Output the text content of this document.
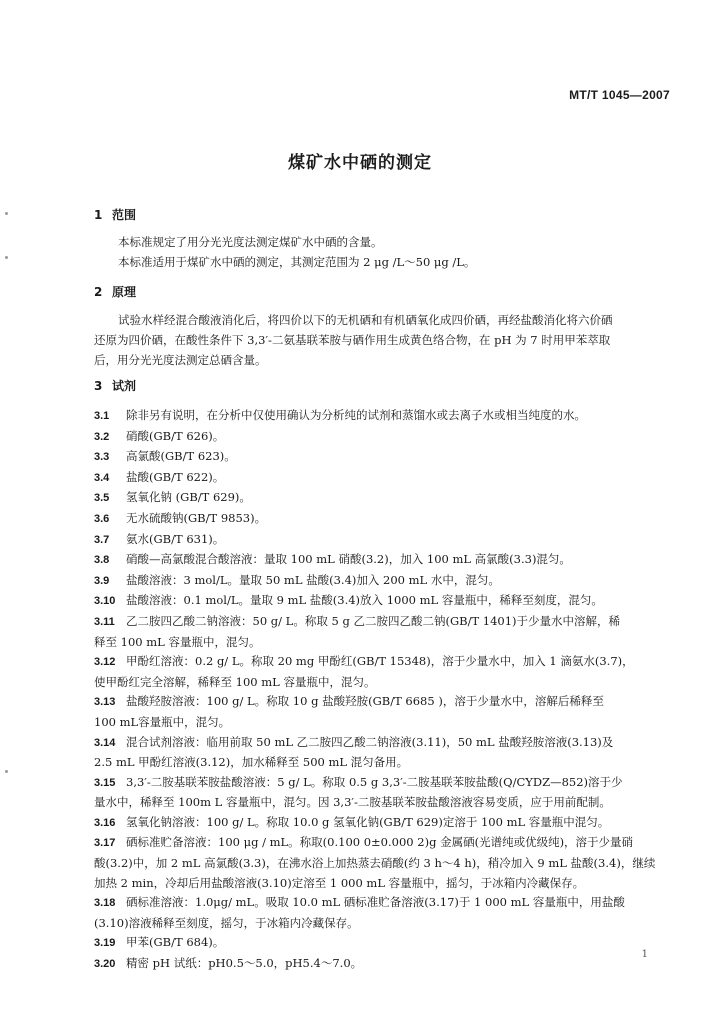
MT/T 1045—2007
煤矿水中硒的测定
1 范围
本标准规定了用分光光度法测定煤矿水中硒的含量。
本标准适用于煤矿水中硒的测定，其测定范围为 2 μg /L～50 μg /L。
2 原理
试验水样经混合酸液消化后，将四价以下的无机硒和有机硒氧化成四价硒，再经盐酸消化将六价硒
还原为四价硒，在酸性条件下 3,3′-二氨基联苯胺与硒作用生成黄色络合物，在 pH 为 7 时用甲苯萃取
后，用分光光度法测定总硒含量。
3 试剂
3.1 除非另有说明，在分析中仅使用确认为分析纯的试剂和蒸馏水或去离子水或相当纯度的水。
3.2 硝酸(GB/T 626)。
3.3 高氯酸(GB/T 623)。
3.4 盐酸(GB/T 622)。
3.5 氢氧化钠 (GB/T 629)。
3.6 无水硫酸钠(GB/T 9853)。
3.7 氨水(GB/T 631)。
3.8 硝酸—高氯酸混合酸溶液：量取 100 mL 硝酸(3.2)，加入 100 mL 高氯酸(3.3)混匀。
3.9 盐酸溶液：3 mol/L。量取 50 mL 盐酸(3.4)加入 200 mL 水中，混匀。
3.10 盐酸溶液：0.1 mol/L。量取 9 mL 盐酸(3.4)放入 1000 mL 容量瓶中，稀释至刻度，混匀。
3.11 乙二胺四乙酸二钠溶液：50 g/ L。称取 5 g 乙二胺四乙酸二钠(GB/T 1401)于少量水中溶解，稀
释至 100 mL 容量瓶中，混匀。
3.12 甲酚红溶液：0.2 g/ L。称取 20 mg 甲酚红(GB/T 15348)，溶于少量水中，加入 1 滴氨水(3.7)，
使甲酚红完全溶解，稀释至 100 mL 容量瓶中，混匀。
3.13 盐酸羟胺溶液：100 g/ L。称取 10 g 盐酸羟胺(GB/T 6685 )，溶于少量水中，溶解后稀释至
100 mL容量瓶中，混匀。
3.14 混合试剂溶液：临用前取 50 mL 乙二胺四乙酸二钠溶液(3.11)，50 mL 盐酸羟胺溶液(3.13)及
2.5 mL 甲酚红溶液(3.12)，加水稀释至 500 mL 混匀备用。
3.15 3,3′-二胺基联苯胺盐酸溶液：5 g/ L。称取 0.5 g 3,3′-二胺基联苯胺盐酸(Q/CYDZ—852)溶于少
量水中，稀释至 100m L 容量瓶中，混匀。因 3,3′-二胺基联苯胺盐酸溶液容易变质，应于用前配制。
3.16 氢氧化钠溶液：100 g/ L。称取 10.0 g 氢氧化钠(GB/T 629)定溶于 100 mL 容量瓶中混匀。
3.17 硒标准贮备溶液：100 μg / mL。称取(0.100 0±0.000 2)g 金属硒(光谱纯或优级纯)，溶于少量硝
酸(3.2)中，加 2 mL 高氯酸(3.3)，在沸水浴上加热蒸去硝酸(约 3 h～4 h)，稍冷加入 9 mL 盐酸(3.4)，继续
加热 2 min，冷却后用盐酸溶液(3.10)定溶至 1 000 mL 容量瓶中，摇匀，于冰箱内冷藏保存。
3.18 硒标准溶液：1.0μg/ mL。吸取 10.0 mL 硒标准贮备溶液(3.17)于 1 000 mL 容量瓶中，用盐酸
(3.10)溶液稀释至刻度，摇匀，于冰箱内冷藏保存。
3.19 甲苯(GB/T 684)。
3.20 精密 pH 试纸：pH0.5～5.0，pH5.4～7.0。
1
